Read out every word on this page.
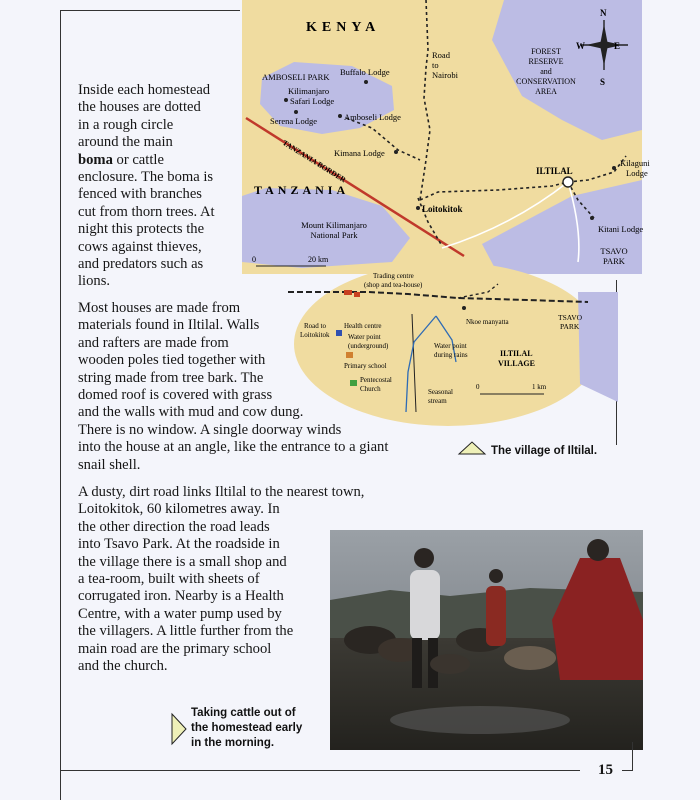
KENYA
TANZANIA
TANZANIA BORDER
AMBOSELI PARK Buffalo Lodge
Kilimanjaro
Safari Lodge
Serena Lodge	Amboseli Lodge
Kimana Lodge
Road
to
Nairobi
FOREST
RESERVE
and
CONSERVATION
AREA
ILTILAL
Kilaguni
Lodge
Loitokitok
Mount Kilimanjaro
National Park
Kitani Lodge
TSAVO
PARK
0	20 km
N
S
E
W
Trading centre
(shop and tea-house)
Road to
Loitokitok
Health centre
Water point
(underground)
Primary school
Pentecostal
Church
Nkoe manyatta
Water point
during rains	ILTILAL
VILLAGE
TSAVO
PARK
Seasonal
stream
0	1 km
The village of Iltilal.
Inside each homestead
the houses are dotted
in a rough circle
around the main
boma or cattle
enclosure. The boma is
fenced with branches
cut from thorn trees. At
night this protects the
cows against thieves,
and predators such as
lions.
Most houses are made from
materials found in Iltilal. Walls
and rafters are made from
wooden poles tied together with
string made from tree bark. The
domed roof is covered with grass
and the walls with mud and cow dung.
There is no window. A single doorway winds
into the house at an angle, like the entrance to a giant
snail shell.
A dusty, dirt road links Iltilal to the nearest town,
Loitokitok, 60 kilometres away. In
the other direction the road leads
into Tsavo Park. At the roadside in
the village there is a small shop and
a tea-room, built with sheets of
corrugated iron. Nearby is a Health
Centre, with a water pump used by
the villagers. A little further from the
main road are the primary school
and the church.
Taking cattle out of
the homestead early
in the morning.
15
